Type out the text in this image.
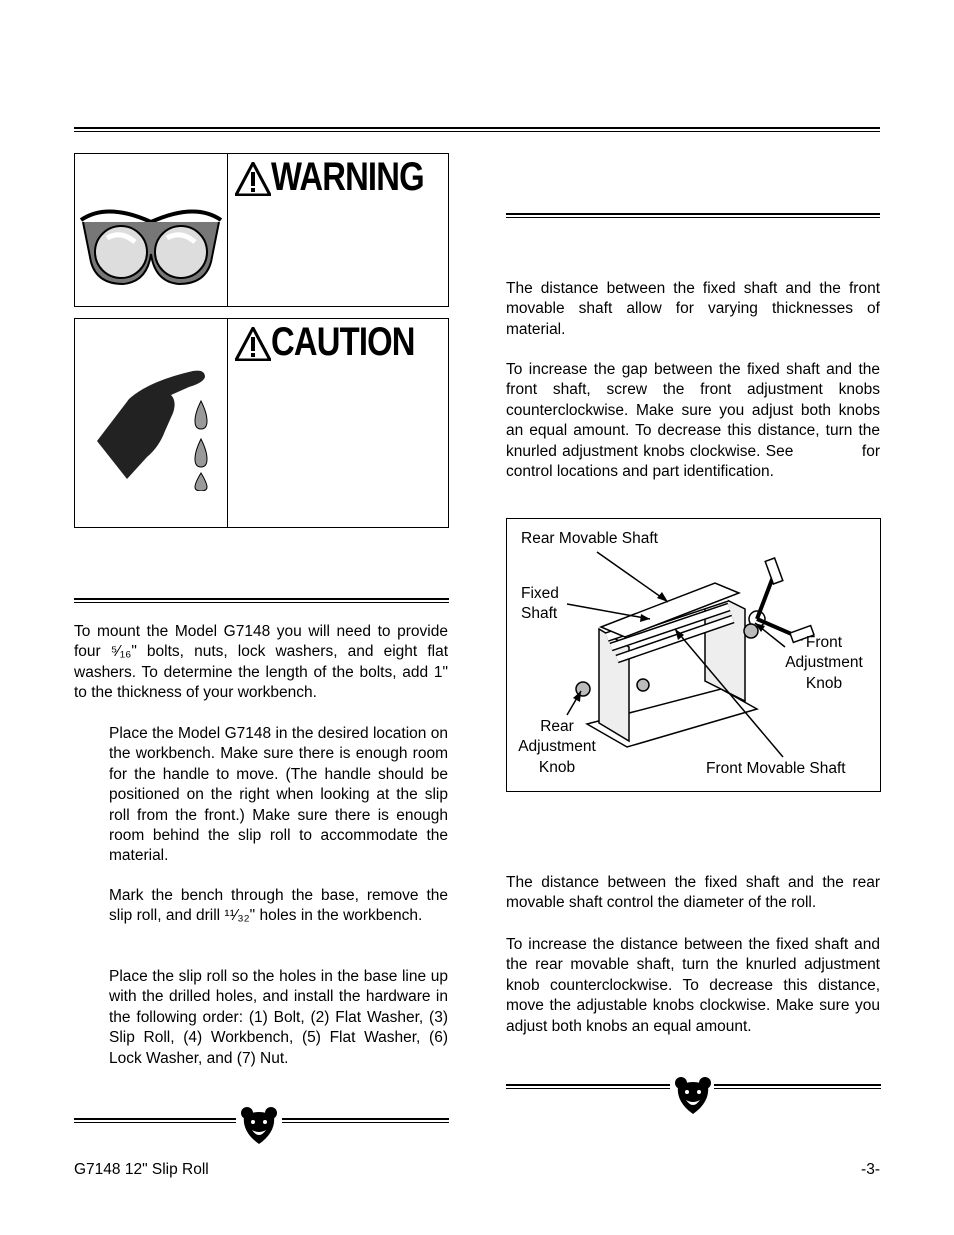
WARNING
CAUTION
To mount the Model G7148 you will need to provide four ⁵⁄₁₆" bolts, nuts, lock washers, and eight flat washers. To determine the length of the bolts, add 1" to the thickness of your workbench.
Place the Model G7148 in the desired location on the workbench. Make sure there is enough room for the handle to move. (The handle should be positioned on the right when looking at the slip roll from the front.) Make sure there is enough room behind the slip roll to accommodate the material.
Mark the bench through the base, remove the slip roll, and drill ¹¹⁄₃₂" holes in the workbench.
Place the slip roll so the holes in the base line up with the drilled holes, and install the hardware in the following order: (1) Bolt, (2) Flat Washer, (3) Slip Roll, (4) Workbench, (5) Flat Washer, (6) Lock Washer, and (7) Nut.
The distance between the fixed shaft and the front movable shaft allow for varying thicknesses of material.
To increase the gap between the fixed shaft and the front shaft, screw the front adjustment knobs counterclockwise. Make sure you adjust both knobs an equal amount. To decrease this distance, turn the knurled adjustment knobs clockwise. See	for control locations and part identification.
Rear Movable Shaft
Fixed Shaft
Front Adjustment Knob
Rear Adjustment Knob	Front Movable Shaft
The distance between the fixed shaft and the rear movable shaft control the diameter of the roll.
To increase the distance between the fixed shaft and the rear movable shaft, turn the knurled adjustment knob counterclockwise. To decrease this distance, move the adjustable knobs clockwise. Make sure you adjust both knobs an equal amount.
G7148 12" Slip Roll	-3-
